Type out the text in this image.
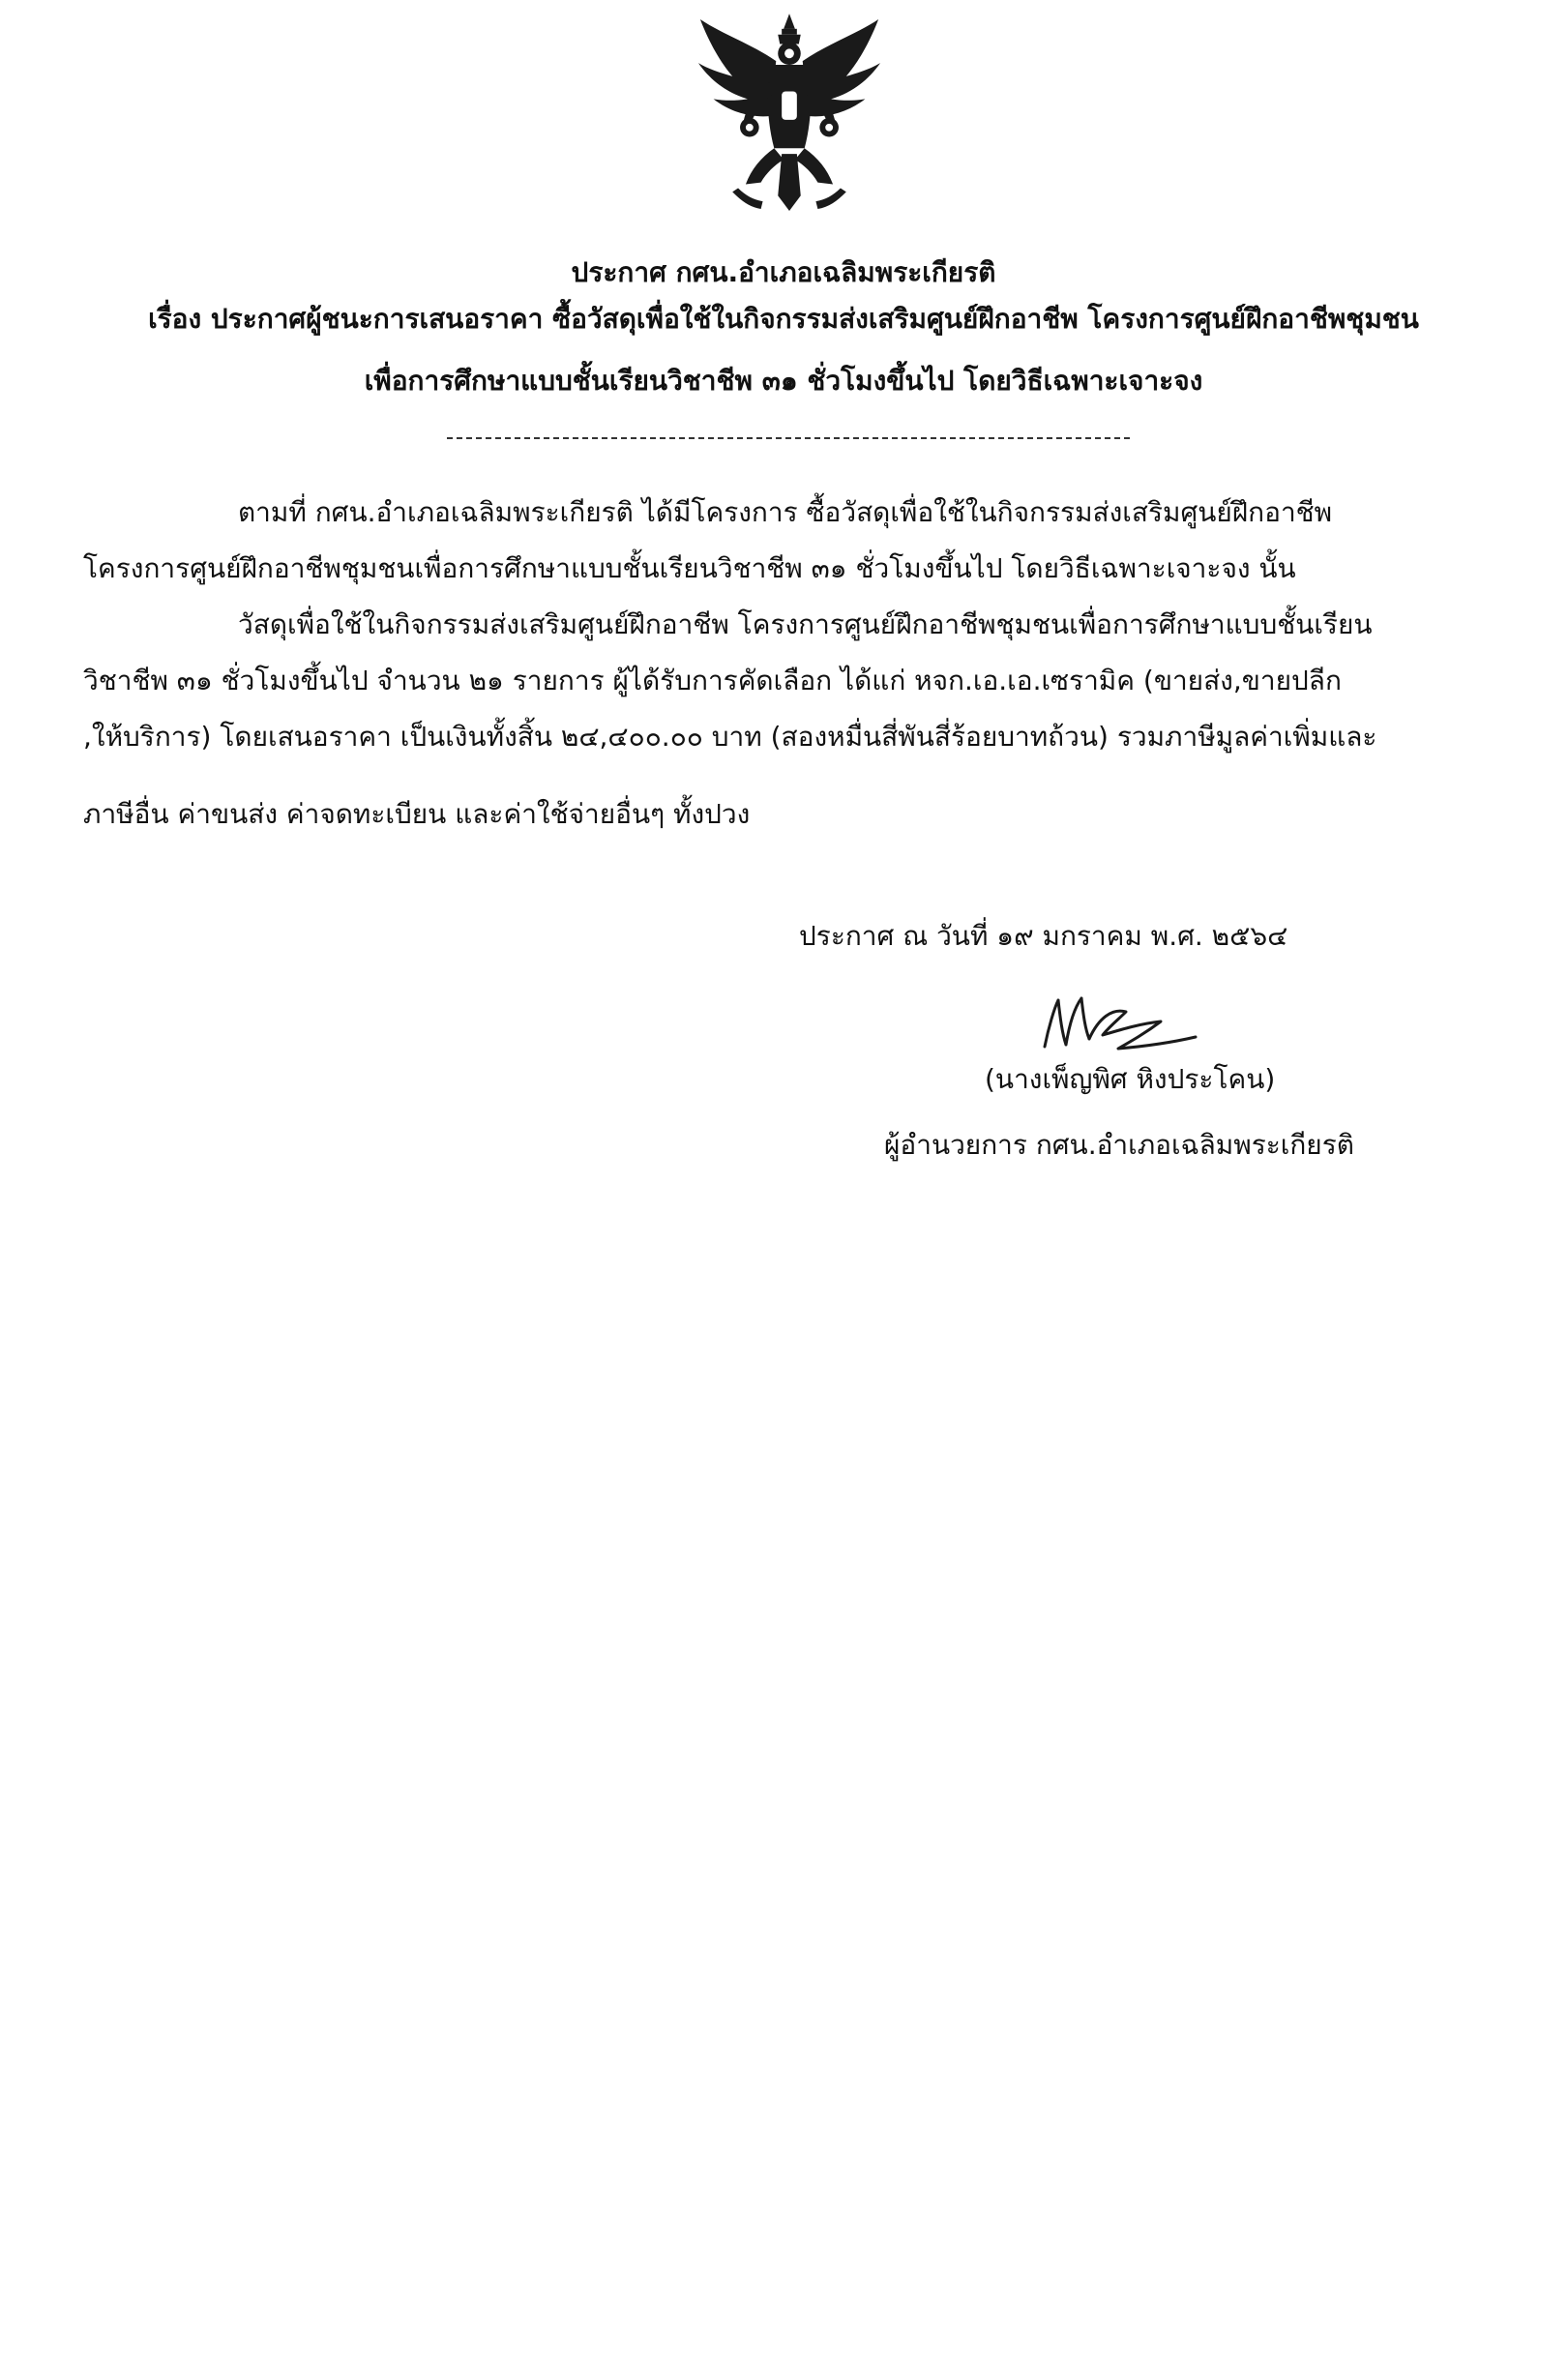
ประกาศ กศน.อำเภอเฉลิมพระเกียรติ
เรื่อง ประกาศผู้ชนะการเสนอราคา ซื้อวัสดุเพื่อใช้ในกิจกรรมส่งเสริมศูนย์ฝึกอาชีพ โครงการศูนย์ฝึกอาชีพชุมชน
เพื่อการศึกษาแบบชั้นเรียนวิชาชีพ ๓๑ ชั่วโมงขึ้นไป โดยวิธีเฉพาะเจาะจง
ตามที่ กศน.อำเภอเฉลิมพระเกียรติ ได้มีโครงการ ซื้อวัสดุเพื่อใช้ในกิจกรรมส่งเสริมศูนย์ฝึกอาชีพ
โครงการศูนย์ฝึกอาชีพชุมชนเพื่อการศึกษาแบบชั้นเรียนวิชาชีพ ๓๑ ชั่วโมงขึ้นไป โดยวิธีเฉพาะเจาะจง นั้น
วัสดุเพื่อใช้ในกิจกรรมส่งเสริมศูนย์ฝึกอาชีพ โครงการศูนย์ฝึกอาชีพชุมชนเพื่อการศึกษาแบบชั้นเรียน
วิชาชีพ ๓๑ ชั่วโมงขึ้นไป จำนวน ๒๑ รายการ ผู้ได้รับการคัดเลือก ได้แก่ หจก.เอ.เอ.เซรามิค (ขายส่ง,ขายปลีก
,ให้บริการ) โดยเสนอราคา เป็นเงินทั้งสิ้น ๒๔,๔๐๐.๐๐ บาท (สองหมื่นสี่พันสี่ร้อยบาทถ้วน) รวมภาษีมูลค่าเพิ่มและ
ภาษีอื่น ค่าขนส่ง ค่าจดทะเบียน และค่าใช้จ่ายอื่นๆ ทั้งปวง
ประกาศ ณ วันที่ ๑๙ มกราคม พ.ศ. ๒๕๖๔
(นางเพ็ญพิศ หิงประโคน)
ผู้อำนวยการ กศน.อำเภอเฉลิมพระเกียรติ
